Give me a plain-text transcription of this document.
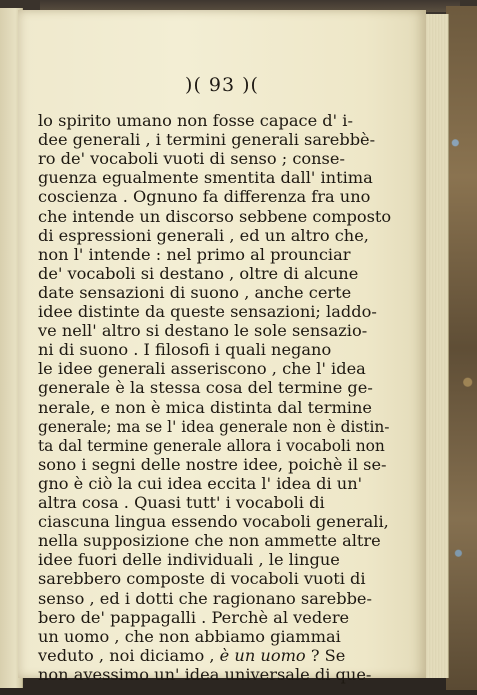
)( 93 )(
lo spirito umano non fosse capace d' i-
dee generali , i termini generali sarebbè-
ro de' vocaboli vuoti di senso ; conse-
guenza egualmente smentita dall' intima
coscienza . Ognuno fa differenza fra uno
che intende un discorso sebbene composto
di espressioni generali , ed un altro che,
non l' intende : nel primo al prounciar
de' vocaboli si destano , oltre di alcune
date sensazioni di suono , anche certe
idee distinte da queste sensazioni; laddo-
ve nell' altro si destano le sole sensazio-
ni di suono . I filosofi i quali negano
le idee generali asseriscono , che l' idea
generale è la stessa cosa del termine ge-
nerale, e non è mica distinta dal termine
generale; ma se l' idea generale non è distin-
ta dal termine generale allora i vocaboli non
sono i segni delle nostre idee, poichè il se-
gno è ciò la cui idea eccita l' idea di un'
altra cosa . Quasi tutt' i vocaboli di
ciascuna lingua essendo vocaboli generali,
nella supposizione che non ammette altre
idee fuori delle individuali , le lingue
sarebbero composte di vocaboli vuoti di
senso , ed i dotti che ragionano sarebbe-
bero de' pappagalli . Perchè al vedere
un uomo , che non abbiamo giammai
veduto , noi diciamo , è un uomo ? Se
non avessimo un' idea universale di que-
